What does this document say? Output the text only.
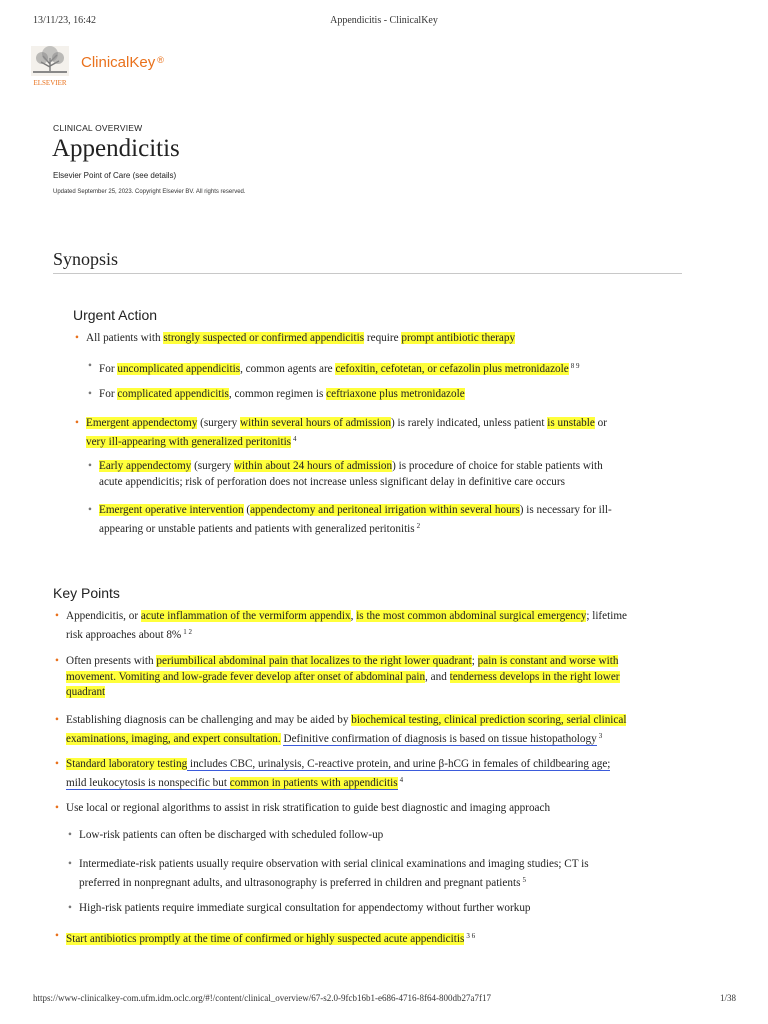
13/11/23, 16:42	Appendicitis - ClinicalKey
ELSEVIER
ClinicalKey ®
CLINICAL OVERVIEW
Appendicitis
Elsevier Point of Care (see details)
Updated September 25, 2023. Copyright Elsevier BV. All rights reserved.
Synopsis
Urgent Action
• All patients with strongly suspected or confirmed appendicitis require prompt antibiotic therapy
• For uncomplicated appendicitis, common agents are cefoxitin, cefotetan, or cefazolin plus metronidazole $^{8 9}$
• For complicated appendicitis, common regimen is ceftriaxone plus metronidazole
• Emergent appendectomy (surgery within several hours of admission) is rarely indicated, unless patient is unstable or
very ill-appearing with generalized peritonitis $^4$
• Early appendectomy (surgery within about 24 hours of admission) is procedure of choice for stable patients with
acute appendicitis; risk of perforation does not increase unless significant delay in definitive care occurs
• Emergent operative intervention (appendectomy and peritoneal irrigation within several hours) is necessary for ill-
appearing or unstable patients and patients with generalized peritonitis $^2$
Key Points
• Appendicitis, or acute inflammation of the vermiform appendix, is the most common abdominal surgical emergency; lifetime
risk approaches about 8% $^{1 2}$
• Often presents with periumbilical abdominal pain that localizes to the right lower quadrant; pain is constant and worse with
movement. Vomiting and low-grade fever develop after onset of abdominal pain, and tenderness develops in the right lower
quadrant
• Establishing diagnosis can be challenging and may be aided by biochemical testing, clinical prediction scoring, serial clinical
examinations, imaging, and expert consultation. Definitive confirmation of diagnosis is based on tissue histopathology $^3$
• Standard laboratory testing includes CBC, urinalysis, C-reactive protein, and urine β-hCG in females of childbearing age;
mild leukocytosis is nonspecific but common in patients with appendicitis $^4$
• Use local or regional algorithms to assist in risk stratification to guide best diagnostic and imaging approach
• Low-risk patients can often be discharged with scheduled follow-up
• Intermediate-risk patients usually require observation with serial clinical examinations and imaging studies; CT is
preferred in nonpregnant adults, and ultrasonography is preferred in children and pregnant patients $^5$
• High-risk patients require immediate surgical consultation for appendectomy without further workup
• Start antibiotics promptly at the time of confirmed or highly suspected acute appendicitis $^{3 6}$
https://www-clinicalkey-com.ufm.idm.oclc.org/#!/content/clinical_overview/67-s2.0-9fcb16b1-e686-4716-8f64-800db27a7f17	1/38
